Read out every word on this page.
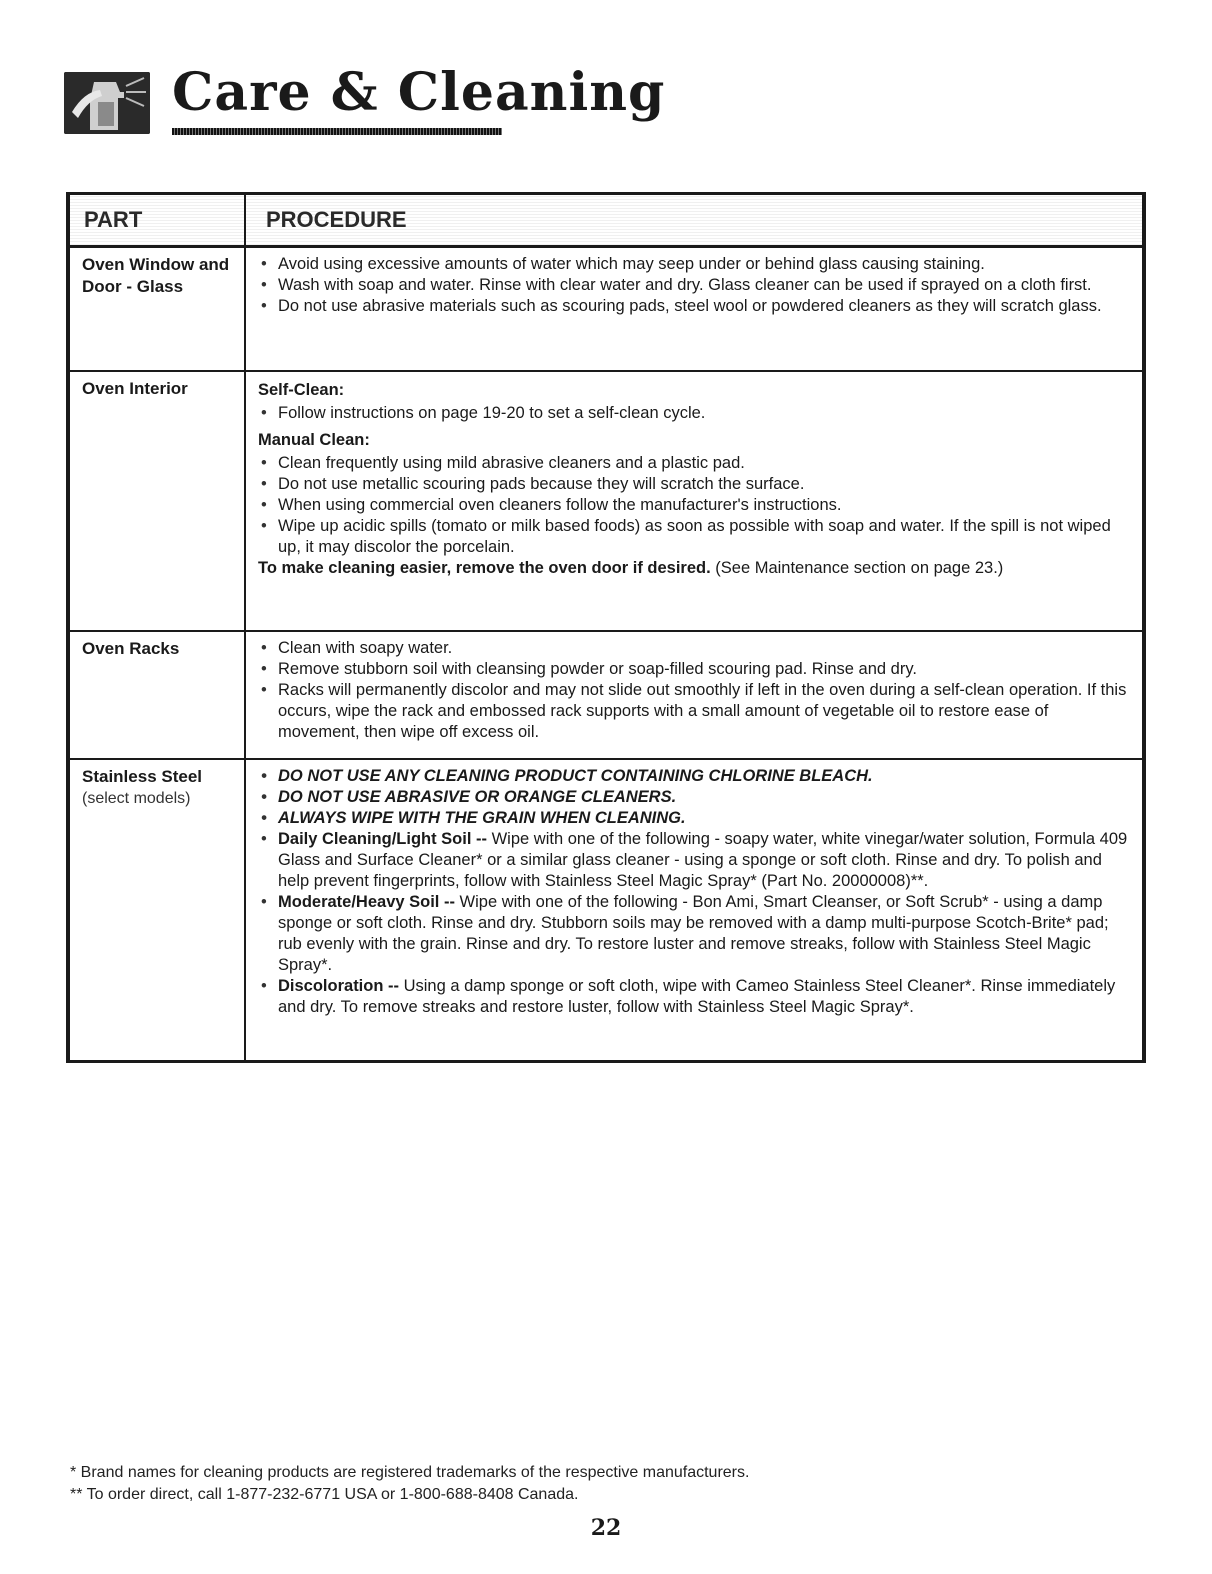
Care & Cleaning
PART	PROCEDURE
Oven Window and Door - Glass
• Avoid using excessive amounts of water which may seep under or behind glass causing staining.
• Wash with soap and water. Rinse with clear water and dry. Glass cleaner can be used if sprayed on a cloth first.
• Do not use abrasive materials such as scouring pads, steel wool or powdered cleaners as they will scratch glass.
Oven Interior	Self-Clean:
• Follow instructions on page 19-20 to set a self-clean cycle.
Manual Clean:
• Clean frequently using mild abrasive cleaners and a plastic pad.
• Do not use metallic scouring pads because they will scratch the surface.
• When using commercial oven cleaners follow the manufacturer's instructions.
• Wipe up acidic spills (tomato or milk based foods) as soon as possible with soap and water. If the spill is not wiped up, it may discolor the porcelain.
To make cleaning easier, remove the oven door if desired. (See Maintenance section on page 23.)
Oven Racks
•	Clean with soapy water.
• Remove stubborn soil with cleansing powder or soap-filled scouring pad. Rinse and dry.
• Racks will permanently discolor and may not slide out smoothly if left in the oven during a self-clean operation. If this occurs, wipe the rack and embossed rack supports with a small amount of vegetable oil to restore ease of movement, then wipe off excess oil.
Stainless Steel
(select models)
• DO NOT USE ANY CLEANING PRODUCT CONTAINING CHLORINE BLEACH.
• DO NOT USE ABRASIVE OR ORANGE CLEANERS.
• ALWAYS WIPE WITH THE GRAIN WHEN CLEANING.
• Daily Cleaning/Light Soil -- Wipe with one of the following - soapy water, white vinegar/water solution, Formula 409 Glass and Surface Cleaner* or a similar glass cleaner - using a sponge or soft cloth. Rinse and dry. To polish and help prevent fingerprints, follow with Stainless Steel Magic Spray* (Part No. 20000008)**.
• Moderate/Heavy Soil -- Wipe with one of the following - Bon Ami, Smart Cleanser, or Soft Scrub* - using a damp sponge or soft cloth. Rinse and dry. Stubborn soils may be removed with a damp multi-purpose Scotch-Brite* pad; rub evenly with the grain. Rinse and dry. To restore luster and remove streaks, follow with Stainless Steel Magic Spray*.
• Discoloration -- Using a damp sponge or soft cloth, wipe with Cameo Stainless Steel Cleaner*. Rinse immediately and dry. To remove streaks and restore luster, follow with Stainless Steel Magic Spray*.
* Brand names for cleaning products are registered trademarks of the respective manufacturers.
** To order direct, call 1-877-232-6771 USA or 1-800-688-8408 Canada.
22
